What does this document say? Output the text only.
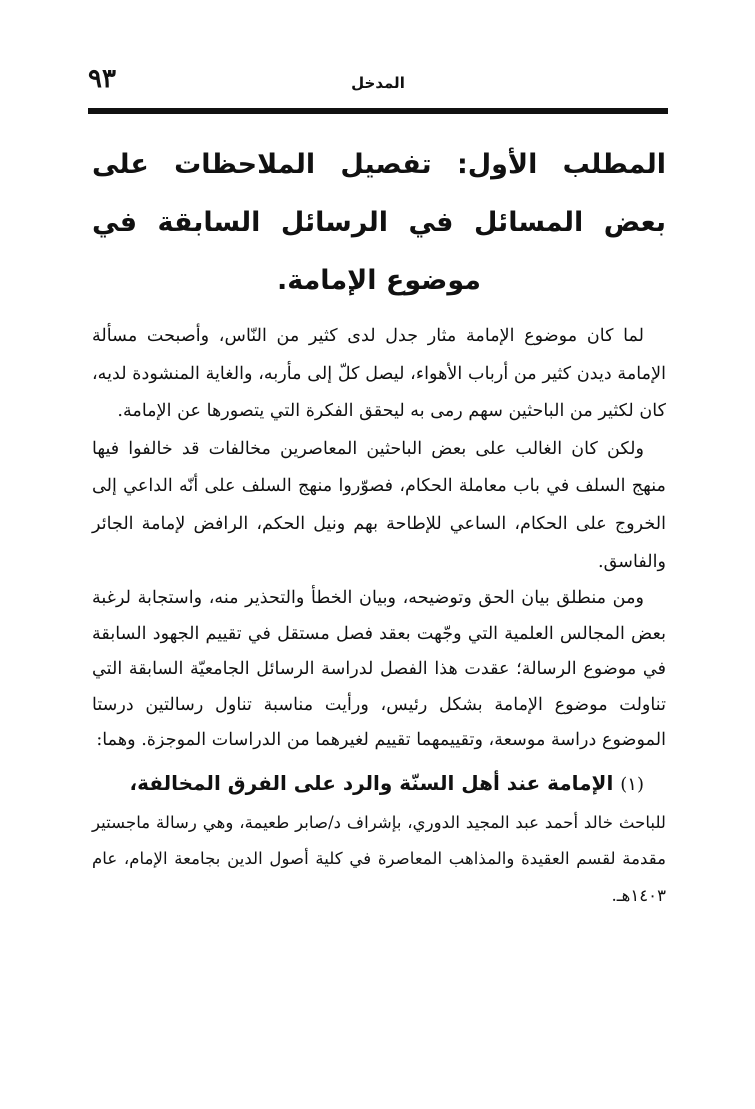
٩٣	المدخل
المطلب الأول: تفصيل الملاحظات على بعض المسائل في الرسائل السابقة في موضوع الإمامة.

لما كان موضوع الإمامة مثار جدل لدى كثير من النّاس، وأصبحت مسألة الإمامة ديدن كثير من أرباب الأهواء، ليصل كلّ إلى مأربه، والغاية المنشودة لديه، كان لكثير من الباحثين سهم رمى به ليحقق الفكرة التي يتصورها عن الإمامة.

ولكن كان الغالب على بعض الباحثين المعاصرين مخالفات قد خالفوا فيها منهج السلف في باب معاملة الحكام، فصوّروا منهج السلف على أنّه الداعي إلى الخروج على الحكام، الساعي للإطاحة بهم ونيل الحكم، الرافض لإمامة الجائر والفاسق.

ومن منطلق بيان الحق وتوضيحه، وبيان الخطأ والتحذير منه، واستجابة لرغبة بعض المجالس العلمية التي وجّهت بعقد فصل مستقل في تقييم الجهود السابقة في موضوع الرسالة؛ عقدت هذا الفصل لدراسة الرسائل الجامعيّة السابقة التي تناولت موضوع الإمامة بشكل رئيس، ورأيت مناسبة تناول رسالتين درستا الموضوع دراسة موسعة، وتقييمهما تقييم لغيرهما من الدراسات الموجزة. وهما:

(١) الإمامة عند أهل السنّة والرد على الفرق المخالفة،

للباحث خالد أحمد عبد المجيد الدوري، بإشراف د/صابر طعيمة، وهي رسالة ماجستير مقدمة لقسم العقيدة والمذاهب المعاصرة في كلية أصول الدين بجامعة الإمام، عام ١٤٠٣هـ.
